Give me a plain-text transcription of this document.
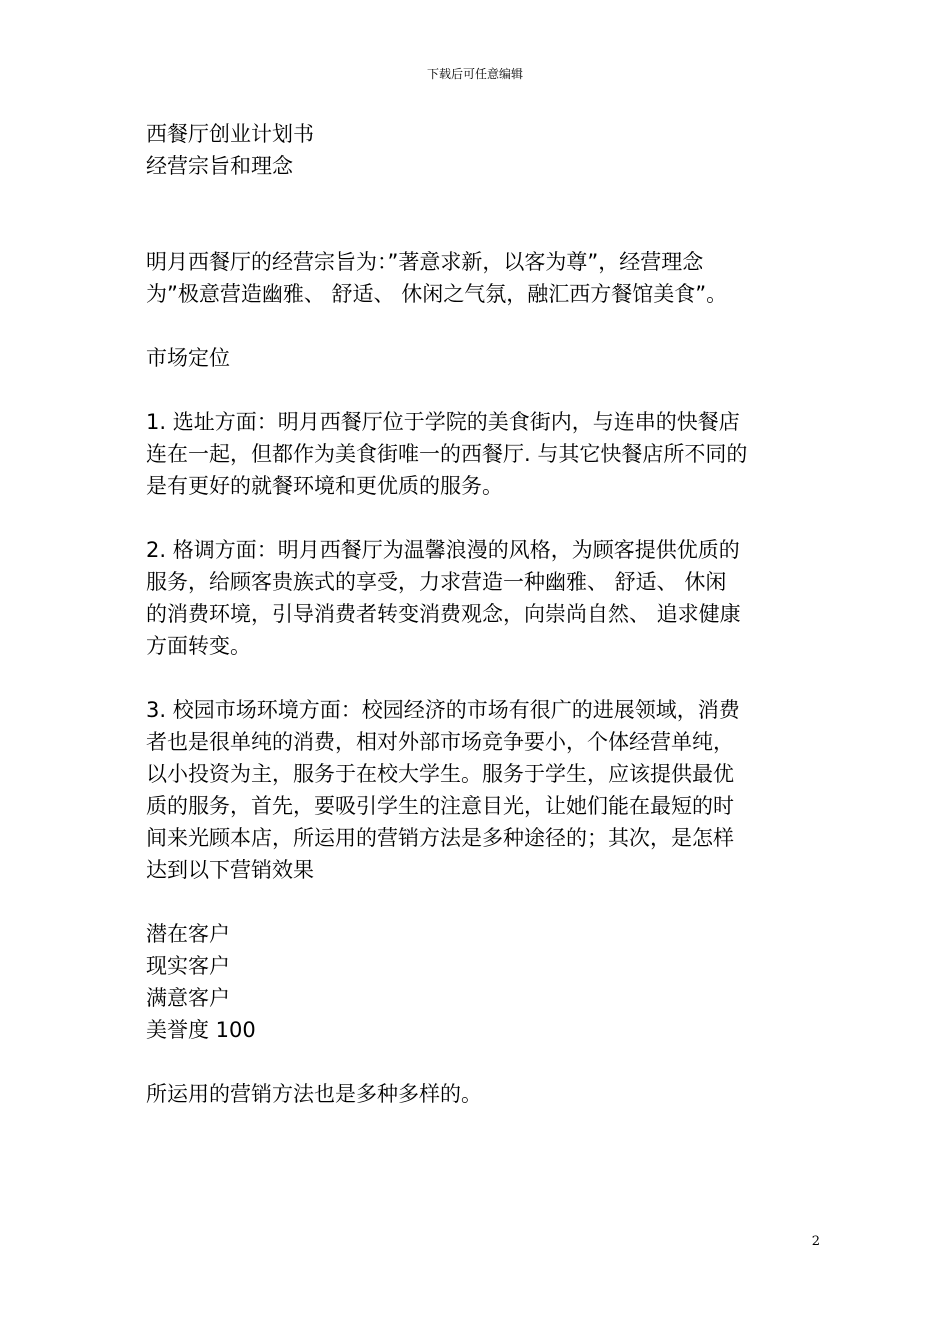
下载后可任意编辑

西餐厅创业计划书

经营宗旨和理念

明月西餐厅的经营宗旨为：”著意求新，以客为尊”，经营理念

为”极意营造幽雅、 舒适、 休闲之气氛，融汇西方餐馆美食”。

市场定位

1. 选址方面：明月西餐厅位于学院的美食街内，与连串的快餐店

连在一起，但都作为美食街唯一的西餐厅. 与其它快餐店所不同的

是有更好的就餐环境和更优质的服务。

2. 格调方面：明月西餐厅为温馨浪漫的风格，为顾客提供优质的

服务，给顾客贵族式的享受，力求营造一种幽雅、 舒适、 休闲

的消费环境，引导消费者转变消费观念，向崇尚自然、 追求健康

方面转变。

3. 校园市场环境方面：校园经济的市场有很广的进展领域，消费

者也是很单纯的消费，相对外部市场竞争要小，个体经营单纯，

以小投资为主，服务于在校大学生。服务于学生，应该提供最优

质的服务，首先，要吸引学生的注意目光，让她们能在最短的时

间来光顾本店，所运用的营销方法是多种途径的；其次，是怎样

达到以下营销效果

潜在客户

现实客户

满意客户

美誉度 100

所运用的营销方法也是多种多样的。

2
